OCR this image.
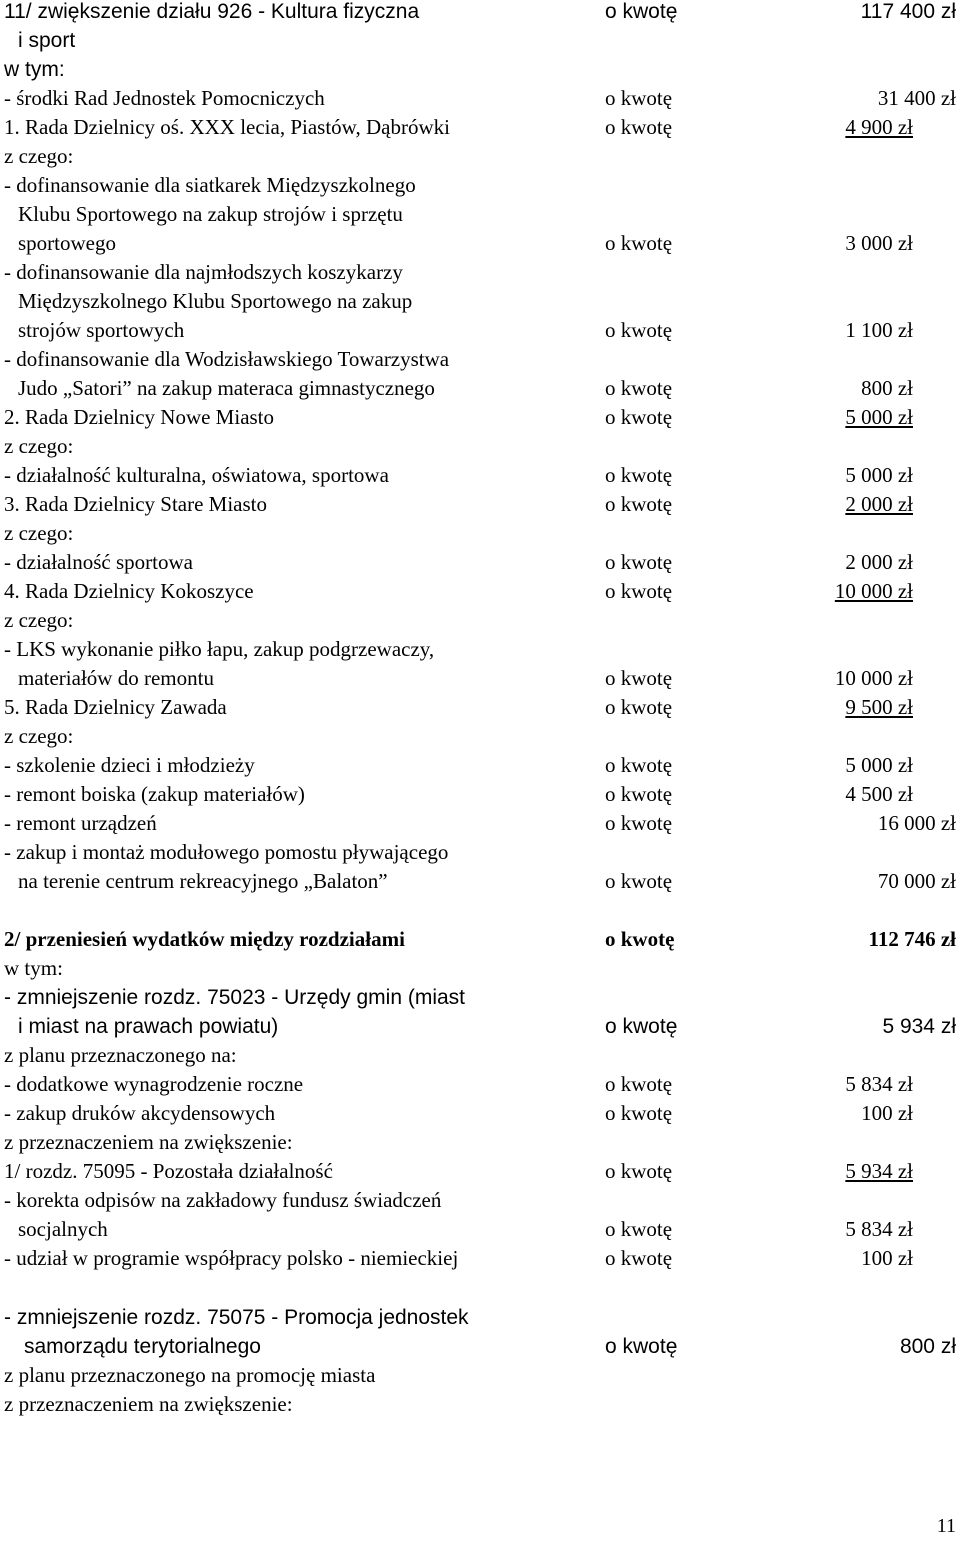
11/ zwiększenie działu 926 - Kultura fizyczna	o kwotę	117 400 zł
i sport
w tym:
- środki Rad Jednostek Pomocniczych	o kwotę	31 400 zł
1. Rada Dzielnicy oś. XXX lecia, Piastów, Dąbrówki	o kwotę	4 900 zł
z czego:
- dofinansowanie dla siatkarek Międzyszkolnego
Klubu Sportowego na zakup strojów i sprzętu
sportowego	o kwotę	3 000 zł
- dofinansowanie dla najmłodszych koszykarzy
Międzyszkolnego Klubu Sportowego na zakup
strojów sportowych	o kwotę	1 100 zł
- dofinansowanie dla Wodzisławskiego Towarzystwa
Judo „Satori” na zakup materaca gimnastycznego	o kwotę	800 zł
2. Rada Dzielnicy Nowe Miasto	o kwotę	5 000 zł
z czego:
- działalność kulturalna, oświatowa, sportowa	o kwotę	5 000 zł
3. Rada Dzielnicy Stare Miasto	o kwotę	2 000 zł
z czego:
- działalność sportowa	o kwotę	2 000 zł
4. Rada Dzielnicy Kokoszyce	o kwotę	10 000 zł
z czego:
- LKS wykonanie piłko łapu, zakup podgrzewaczy,
materiałów do remontu	o kwotę	10 000 zł
5. Rada Dzielnicy Zawada	o kwotę	9 500 zł
z czego:
- szkolenie dzieci i młodzieży	o kwotę	5 000 zł
- remont boiska (zakup materiałów)	o kwotę	4 500 zł
- remont urządzeń	o kwotę	16 000 zł
- zakup i montaż modułowego pomostu pływającego
na terenie centrum rekreacyjnego „Balaton”	o kwotę	70 000 zł
2/ przeniesień wydatków między rozdziałami	o kwotę	112 746 zł
w tym:
- zmniejszenie rozdz. 75023 - Urzędy gmin (miast
i miast na prawach powiatu)	o kwotę	5 934 zł
z planu przeznaczonego na:
- dodatkowe wynagrodzenie roczne	o kwotę	5 834 zł
- zakup druków akcydensowych	o kwotę	100 zł
z przeznaczeniem na zwiększenie:
1/ rozdz. 75095 - Pozostała działalność	o kwotę	5 934 zł
- korekta odpisów na zakładowy fundusz świadczeń
socjalnych	o kwotę	5 834 zł
- udział w programie współpracy polsko - niemieckiej	o kwotę	100 zł
- zmniejszenie rozdz. 75075 - Promocja jednostek
samorządu terytorialnego	o kwotę	800 zł
z planu przeznaczonego na promocję miasta
z przeznaczeniem na zwiększenie:
11
